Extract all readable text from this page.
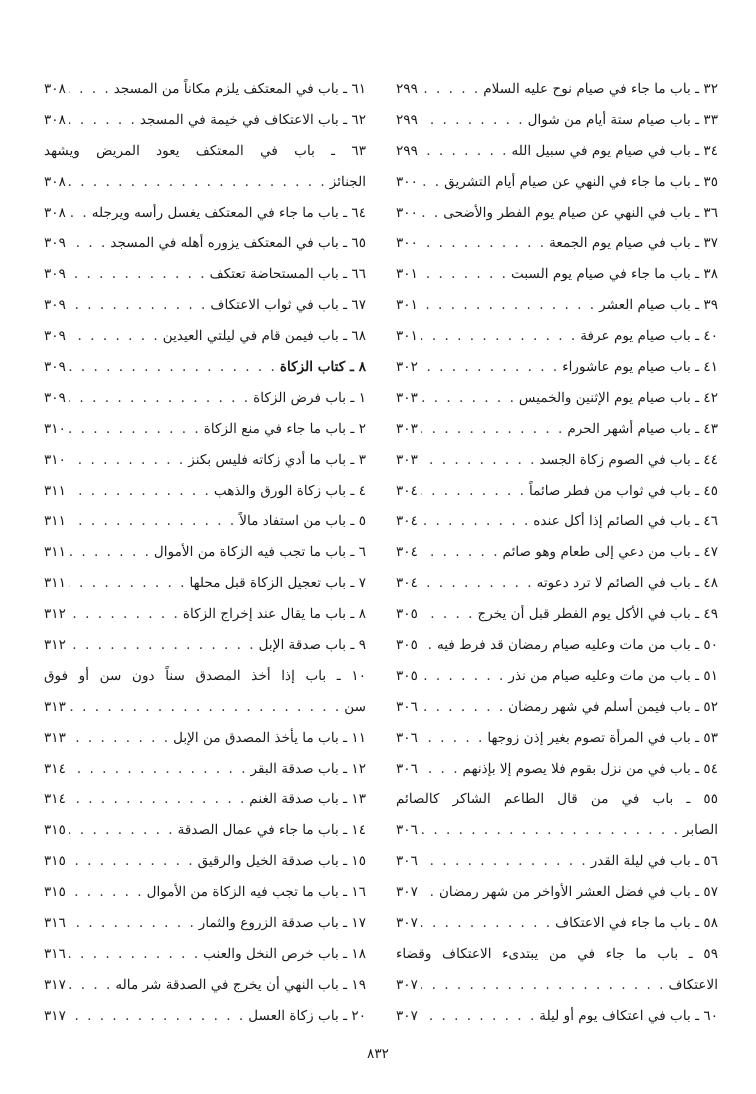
٣٢ ـ باب ما جاء في صيام نوح عليه السلام
. . .
٢٩٩
٣٣ ـ باب صيام ستة أيام من شوال
. . .
٢٩٩
٣٤ ـ باب في صيام يوم في سبيل الله
. . .
٢٩٩
٣٥ ـ باب ما جاء في النهي عن صيام أيام التشريق
. . .
٣٠٠
٣٦ ـ باب في النهي عن صيام يوم الفطر والأضحى
. . .
٣٠٠
٣٧ ـ باب في صيام يوم الجمعة
. . .
٣٠٠
٣٨ ـ باب ما جاء في صيام يوم السبت
. . .
٣٠١
٣٩ ـ باب صيام العشر
. . .
٣٠١
٤٠ ـ باب صيام يوم عرفة
. . .
٣٠١
٤١ ـ باب صيام يوم عاشوراء
. . .
٣٠٢
٤٢ ـ باب صيام يوم الإثنين والخميس
. . .
٣٠٣
٤٣ ـ باب صيام أشهر الحرم
. . .
٣٠٣
٤٤ ـ باب في الصوم زكاة الجسد
. . .
٣٠٣
٤٥ ـ باب في ثواب من فطر صائماً
. . .
٣٠٤
٤٦ ـ باب في الصائم إذا أكل عنده
. . .
٣٠٤
٤٧ ـ باب من دعي إلى طعام وهو صائم
. . .
٣٠٤
٤٨ ـ باب في الصائم لا ترد دعوته
. . .
٣٠٤
٤٩ ـ باب في الأكل يوم الفطر قبل أن يخرج
. . .
٣٠٥
٥٠ ـ باب من مات وعليه صيام رمضان قد فرط فيه
. . .
٣٠٥
٥١ ـ باب من مات وعليه صيام من نذر
. . .
٣٠٥
٥٢ ـ باب فيمن أسلم في شهر رمضان
. . .
٣٠٦
٥٣ ـ باب في المرأة تصوم بغير إذن زوجها
. . .
٣٠٦
٥٤ ـ باب في من نزل بقوم فلا يصوم إلا بإذنهم
. . .
٣٠٦
٥٥ ـ باب في من قال الطاعم الشاكر كالصائم
الصابر
. . .
٣٠٦
٥٦ ـ باب في ليلة القدر
. . .
٣٠٦
٥٧ ـ باب في فضل العشر الأواخر من شهر رمضان
. . .
٣٠٧
٥٨ ـ باب ما جاء في الاعتكاف
. . .
٣٠٧
٥٩ ـ باب ما جاء في من يبتدىء الاعتكاف وقضاء
الاعتكاف
. . .
٣٠٧
٦٠ ـ باب في اعتكاف يوم أو ليلة
. . .
٣٠٧
٦١ ـ باب في المعتكف يلزم مكاناً من المسجد
. . .
٣٠٨
٦٢ ـ باب الاعتكاف في خيمة في المسجد
. . .
٣٠٨
٦٣ ـ باب في المعتكف يعود المريض ويشهد
الجنائز
. . .
٣٠٨
٦٤ ـ باب ما جاء في المعتكف يغسل رأسه ويرجله
. . .
٣٠٨
٦٥ ـ باب في المعتكف يزوره أهله في المسجد
. . .
٣٠٩
٦٦ ـ باب المستحاضة تعتكف
. . .
٣٠٩
٦٧ ـ باب في ثواب الاعتكاف
. . .
٣٠٩
٦٨ ـ باب فيمن قام في ليلتي العيدين
. . .
٣٠٩
٨ ـ كتاب الزكاة
. . .
٣٠٩
١ ـ باب فرض الزكاة
. . .
٣٠٩
٢ ـ باب ما جاء في منع الزكاة
. . .
٣١٠
٣ ـ باب ما أدي زكاته فليس بكنز
. . .
٣١٠
٤ ـ باب زكاة الورق والذهب
. . .
٣١١
٥ ـ باب من استفاد مالاً
. . .
٣١١
٦ ـ باب ما تجب فيه الزكاة من الأموال
. . .
٣١١
٧ ـ باب تعجيل الزكاة قبل محلها
. . .
٣١١
٨ ـ باب ما يقال عند إخراج الزكاة
. . .
٣١٢
٩ ـ باب صدقة الإبل
. . .
٣١٢
١٠ ـ باب إذا أخذ المصدق سناً دون سن أو فوق
سن
. . .
٣١٣
١١ ـ باب ما يأخذ المصدق من الإبل
. . .
٣١٣
١٢ ـ باب صدقة البقر
. . .
٣١٤
١٣ ـ باب صدقة الغنم
. . .
٣١٤
١٤ ـ باب ما جاء في عمال الصدقة
. . .
٣١٥
١٥ ـ باب صدقة الخيل والرقيق
. . .
٣١٥
١٦ ـ باب ما تجب فيه الزكاة من الأموال
. . .
٣١٥
١٧ ـ باب صدقة الزروع والثمار
. . .
٣١٦
١٨ ـ باب خرص النخل والعنب
. . .
٣١٦
١٩ ـ باب النهي أن يخرج في الصدقة شر ماله
. . .
٣١٧
٢٠ ـ باب زكاة العسل
. . .
٣١٧
٨٣٢
